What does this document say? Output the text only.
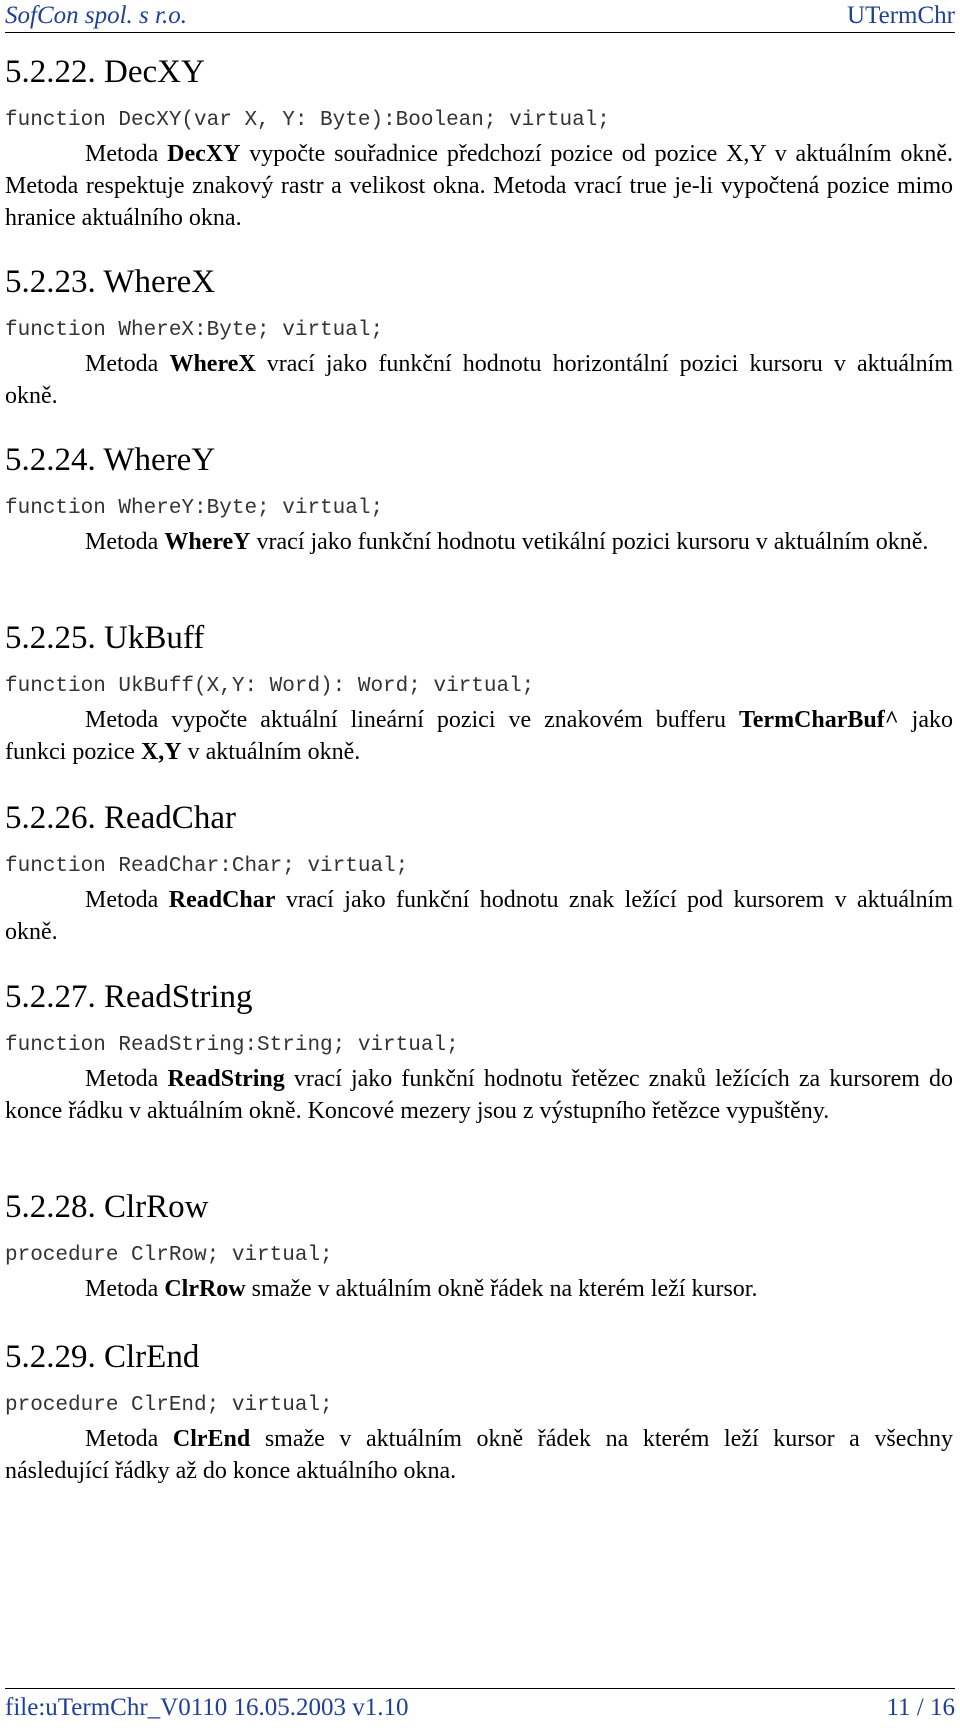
SofCon spol. s r.o.	UTermChr
5.2.22. DecXY
function DecXY(var X, Y: Byte):Boolean; virtual;

Metoda DecXY vypočte souřadnice předchozí pozice od pozice X,Y v aktuálním okně. Metoda respektuje znakový rastr a velikost okna. Metoda vrací true je-li vypočtená pozice mimo hranice aktuálního okna.

5.2.23. WhereX
function WhereX:Byte; virtual;

Metoda WhereX vrací jako funkční hodnotu horizontální pozici kursoru v aktuálním okně.

5.2.24. WhereY
function WhereY:Byte; virtual;

Metoda WhereY vrací jako funkční hodnotu vetikální pozici kursoru v aktuálním okně.

5.2.25. UkBuff
function UkBuff(X,Y: Word): Word; virtual;

Metoda vypočte aktuální lineární pozici ve znakovém bufferu TermCharBuf^ jako funkci pozice X,Y v aktuálním okně.

5.2.26. ReadChar
function ReadChar:Char; virtual;

Metoda ReadChar vrací jako funkční hodnotu znak ležící pod kursorem v aktuálním okně.

5.2.27. ReadString
function ReadString:String; virtual;

Metoda ReadString vrací jako funkční hodnotu řetězec znaků ležících za kursorem do konce řádku v aktuálním okně. Koncové mezery jsou z výstupního řetězce vypuštěny.

5.2.28. ClrRow
procedure ClrRow; virtual;

Metoda ClrRow smaže v aktuálním okně řádek na kterém leží kursor.

5.2.29. ClrEnd
procedure ClrEnd; virtual;

Metoda ClrEnd smaže v aktuálním okně řádek na kterém leží kursor a všechny následující řádky až do konce aktuálního okna.

file:uTermChr_V0110 16.05.2003 v1.10	11 / 16
